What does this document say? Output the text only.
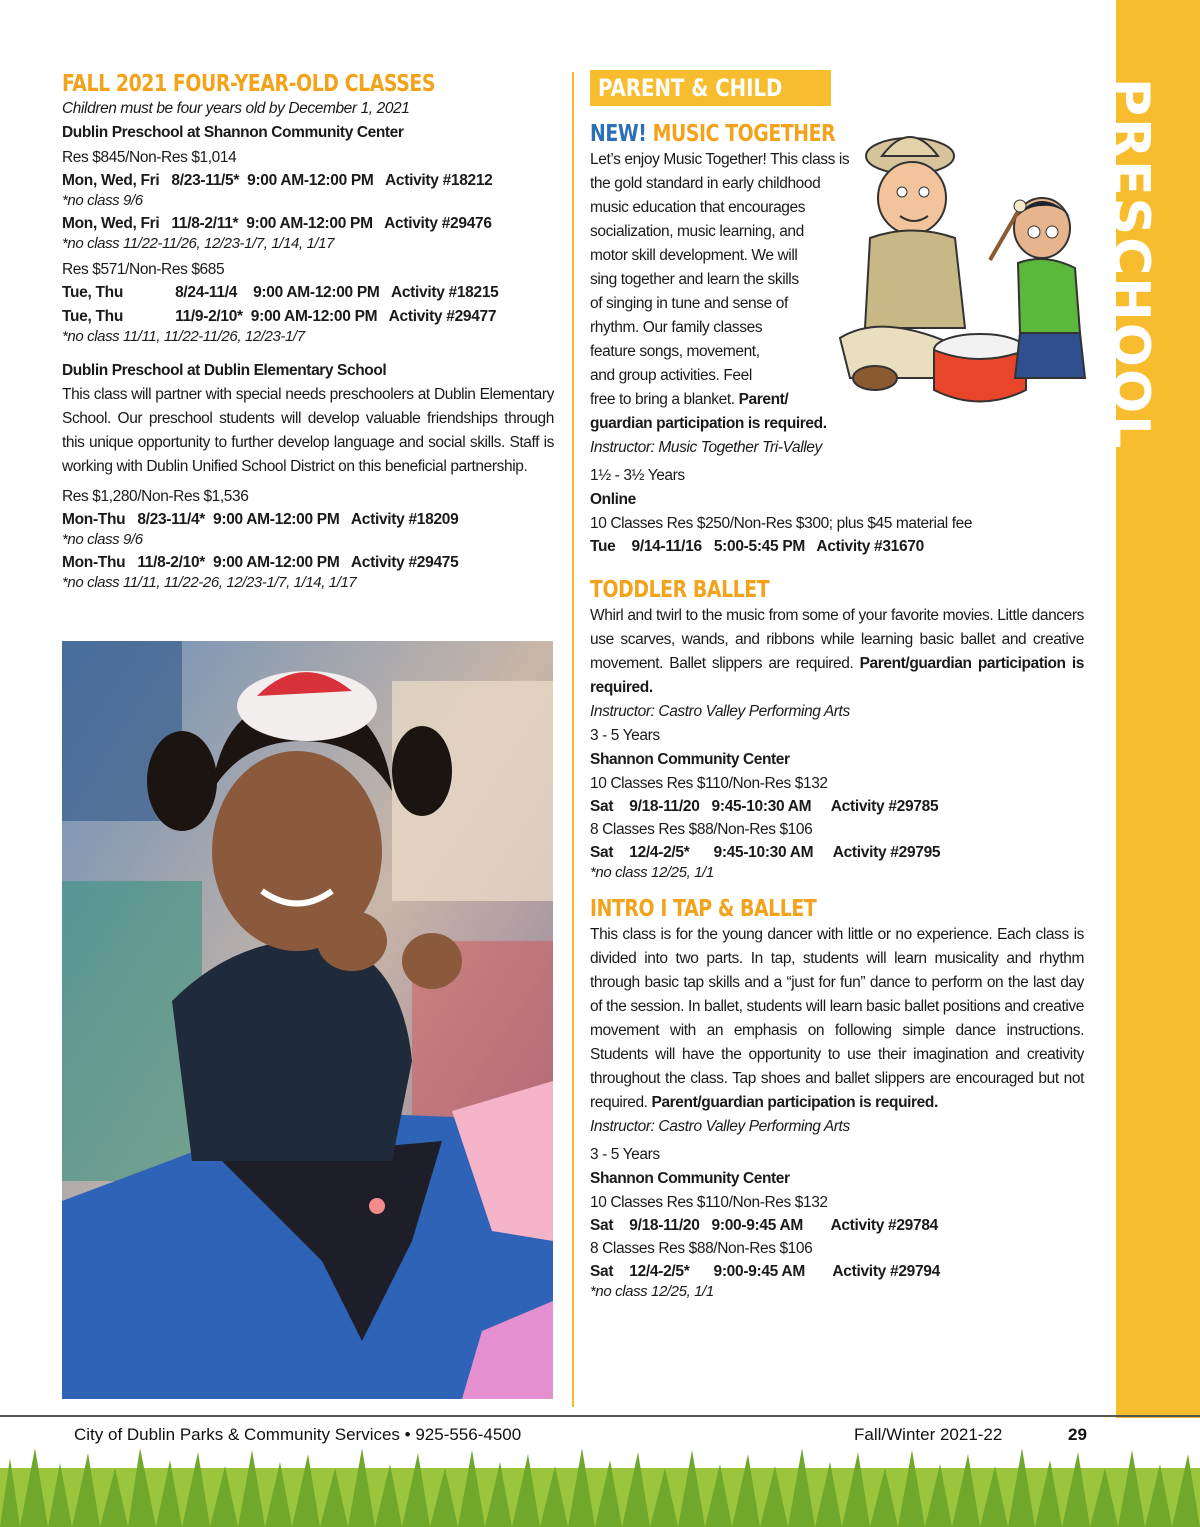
PRESCHOOL
FALL 2021 FOUR-YEAR-OLD CLASSES
Children must be four years old by December 1, 2021
Dublin Preschool at Shannon Community Center
Res $845/Non-Res $1,014
Mon, Wed, Fri   8/23-11/5*  9:00 AM-12:00 PM   Activity #18212
*no class 9/6
Mon, Wed, Fri   11/8-2/11*  9:00 AM-12:00 PM   Activity #29476
*no class 11/22-11/26, 12/23-1/7, 1/14, 1/17
Res $571/Non-Res $685
Tue, Thu             8/24-11/4    9:00 AM-12:00 PM   Activity #18215
Tue, Thu             11/9-2/10*  9:00 AM-12:00 PM   Activity #29477
*no class 11/11, 11/22-11/26, 12/23-1/7
Dublin Preschool at Dublin Elementary School
This class will partner with special needs preschoolers at Dublin Elementary School. Our preschool students will develop valuable friendships through this unique opportunity to further develop language and social skills. Staff is working with Dublin Unified School District on this beneficial partnership.
Res $1,280/Non-Res $1,536
Mon-Thu   8/23-11/4*  9:00 AM-12:00 PM   Activity #18209
*no class 9/6
Mon-Thu   11/8-2/10*  9:00 AM-12:00 PM   Activity #29475
*no class 11/11, 11/22-26, 12/23-1/7, 1/14, 1/17
PARENT & CHILD
NEW! MUSIC TOGETHER
Let’s enjoy Music Together! This class is
the gold standard in early childhood
music education that encourages
socialization, music learning, and
motor skill development. We will
sing together and learn the skills
of singing in tune and sense of
rhythm. Our family classes
feature songs, movement,
and group activities. Feel
free to bring a blanket. Parent/
guardian participation is required.
Instructor: Music Together Tri-Valley
1½ - 3½ Years
Online
10 Classes Res $250/Non-Res $300; plus $45 material fee
Tue    9/14-11/16   5:00-5:45 PM   Activity #31670
TODDLER BALLET
Whirl and twirl to the music from some of your favorite movies. Little dancers use scarves, wands, and ribbons while learning basic ballet and creative movement. Ballet slippers are required. Parent/guardian participation is required.
Instructor: Castro Valley Performing Arts
3 - 5 Years
Shannon Community Center
10 Classes Res $110/Non-Res $132
Sat    9/18-11/20   9:45-10:30 AM     Activity #29785
8 Classes Res $88/Non-Res $106
Sat    12/4-2/5*      9:45-10:30 AM     Activity #29795
*no class 12/25, 1/1
INTRO I TAP & BALLET
This class is for the young dancer with little or no experience. Each class is divided into two parts. In tap, students will learn musicality and rhythm through basic tap skills and a “just for fun” dance to perform on the last day of the session. In ballet, students will learn basic ballet positions and creative movement with an emphasis on following simple dance instructions. Students will have the opportunity to use their imagination and creativity throughout the class. Tap shoes and ballet slippers are encouraged but not required. Parent/guardian participation is required.
Instructor: Castro Valley Performing Arts
3 - 5 Years
Shannon Community Center
10 Classes Res $110/Non-Res $132
Sat    9/18-11/20   9:00-9:45 AM       Activity #29784
8 Classes Res $88/Non-Res $106
Sat    12/4-2/5*      9:00-9:45 AM       Activity #29794
*no class 12/25, 1/1
City of Dublin Parks & Community Services • 925-556-4500	Fall/Winter 2021-22	29
